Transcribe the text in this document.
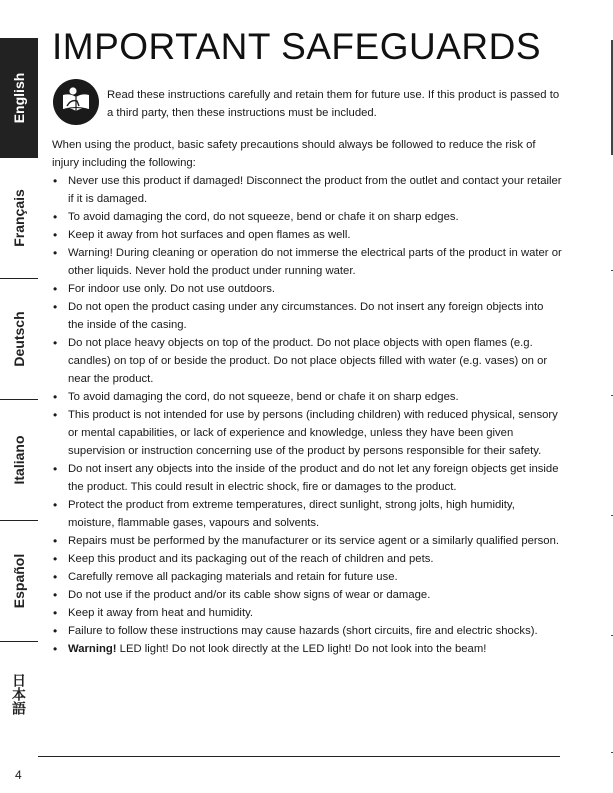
English
Français
Deutsch
Italiano
Español
日本語
IMPORTANT SAFEGUARDS
Read these instructions carefully and retain them for future use. If this product is passed to a third party, then these instructions must be included.
When using the product, basic safety precautions should always be followed to reduce the risk of injury including the following:
• Never use this product if damaged! Disconnect the product from the outlet and contact your retailer if it is damaged.
• To avoid damaging the cord, do not squeeze, bend or chafe it on sharp edges.
• Keep it away from hot surfaces and open flames as well.
• Warning! During cleaning or operation do not immerse the electrical parts of the product in water or other liquids. Never hold the product under running water.
• For indoor use only. Do not use outdoors.
• Do not open the product casing under any circumstances. Do not insert any foreign objects into the inside of the casing.
• Do not place heavy objects on top of the product. Do not place objects with open flames (e.g. candles) on top of or beside the product. Do not place objects filled with water (e.g. vases) on or near the product.
• To avoid damaging the cord, do not squeeze, bend or chafe it on sharp edges.
• This product is not intended for use by persons (including children) with reduced physical, sensory or mental capabilities, or lack of experience and knowledge, unless they have been given supervision or instruction concerning use of the product by persons responsible for their safety.
• Do not insert any objects into the inside of the product and do not let any foreign objects get inside the product. This could result in electric shock, fire or damages to the product.
• Protect the product from extreme temperatures, direct sunlight, strong jolts, high humidity, moisture, flammable gases, vapours and solvents.
• Repairs must be performed by the manufacturer or its service agent or a similarly qualified person.
• Keep this product and its packaging out of the reach of children and pets.
• Carefully remove all packaging materials and retain for future use.
• Do not use if the product and/or its cable show signs of wear or damage.
• Keep it away from heat and humidity.
• Failure to follow these instructions may cause hazards (short circuits, fire and electric shocks).
• Warning! LED light! Do not look directly at the LED light! Do not look into the beam!
4
